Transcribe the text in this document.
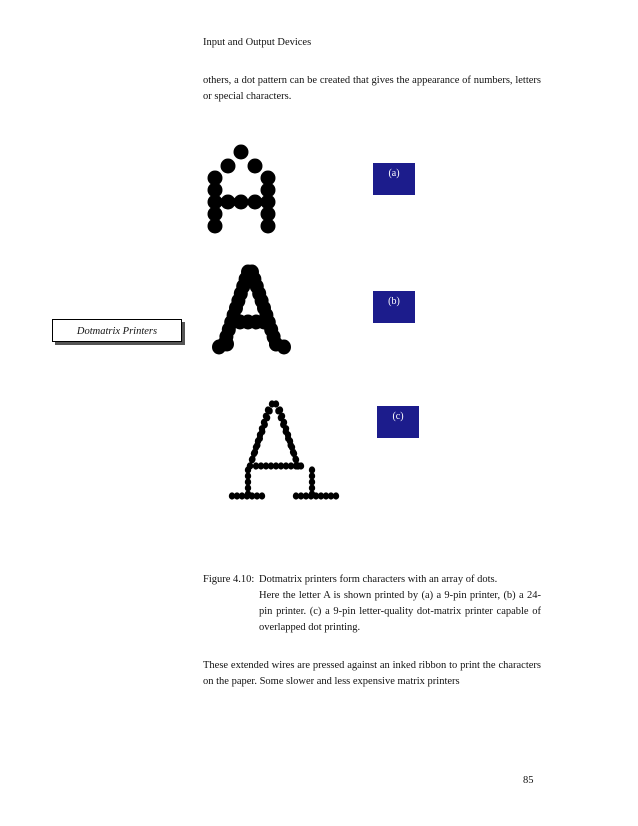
Input and Output Devices
others, a dot pattern can be created that gives the appearance of numbers, letters or special characters.
(a)
(b)
(c)
Dotmatrix Printers
Figure 4.10: Dotmatrix printers form characters with an array of dots.
Here the letter A is shown printed by (a) a 9-pin printer, (b) a 24-pin printer. (c) a 9-pin letter-quality dot-matrix printer capable of overlapped dot printing.
These extended wires are pressed against an inked ribbon to print the characters on the paper. Some slower and less expensive matrix printers
85
